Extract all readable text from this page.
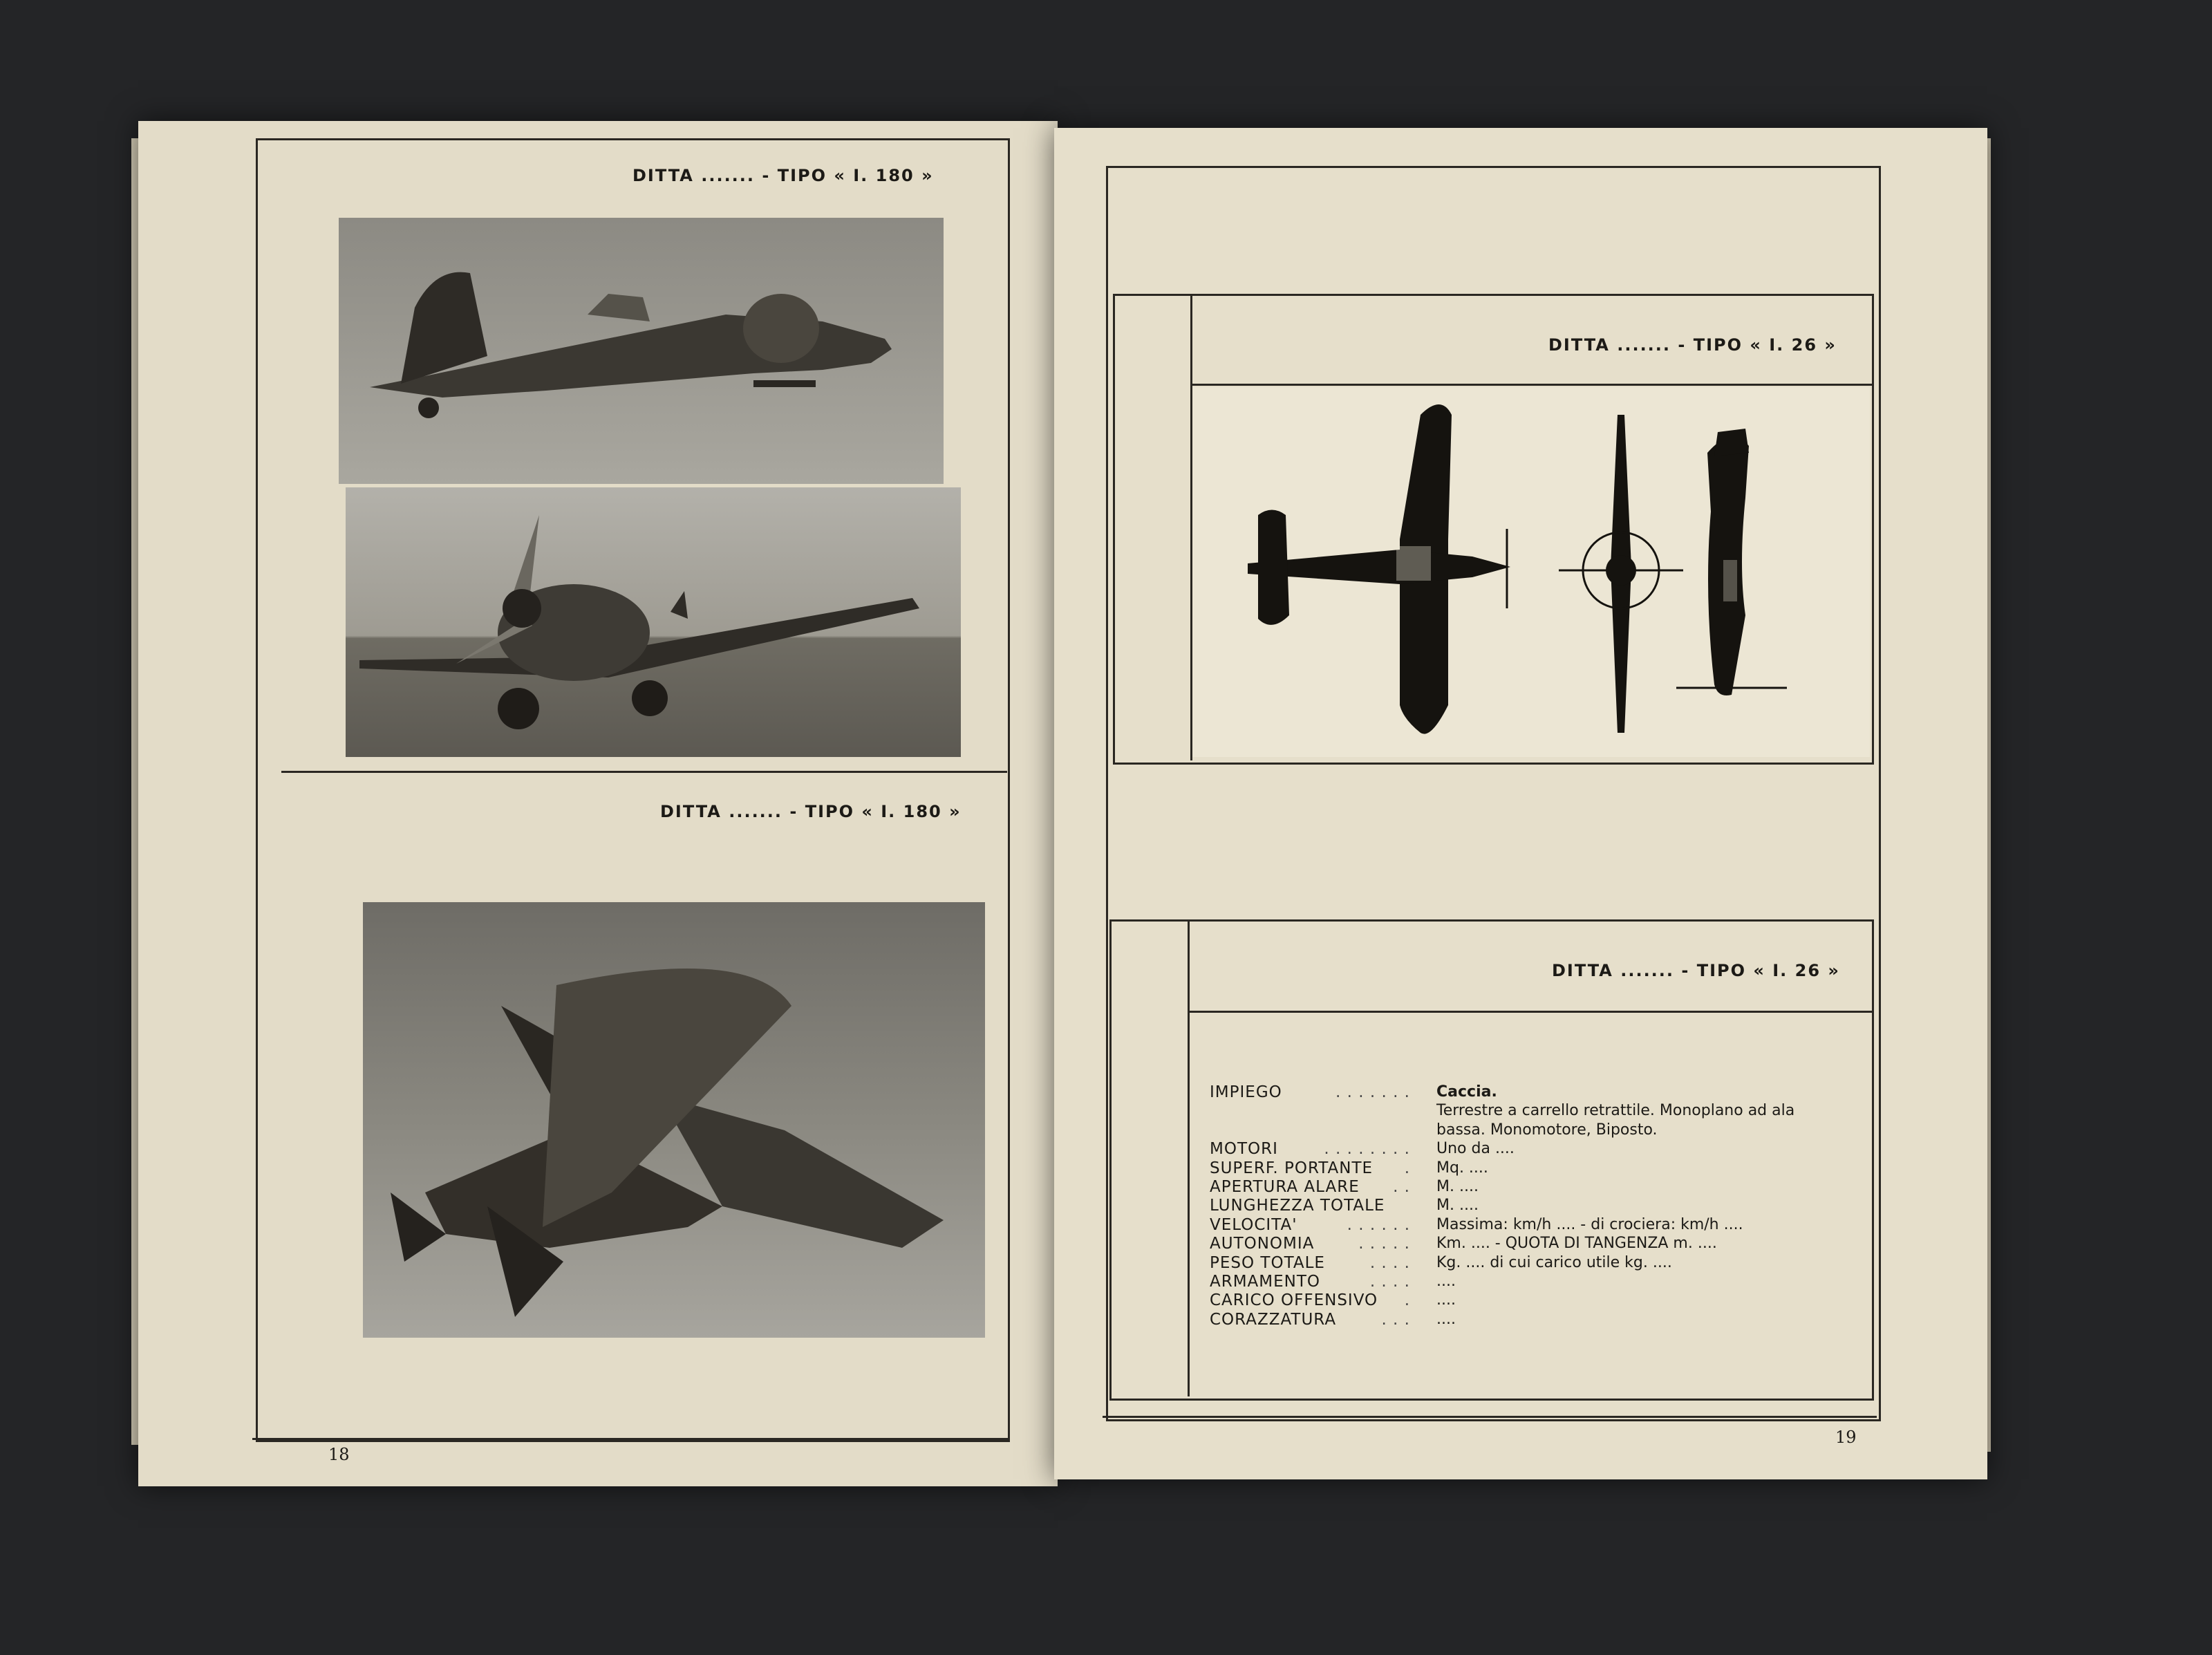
DITTA ....... - TIPO « I. 180 »
DITTA ....... - TIPO « I. 180 »
18
DITTA ....... - TIPO « I. 26 »
DITTA ....... - TIPO « I. 26 »
IMPIEGO	. . . . . . . Caccia.
Terrestre a carrello retrattile. Monoplano ad ala
bassa. Monomotore, Biposto.
MOTORI	. . . . . . . . Uno da ....
SUPERF. PORTANTE . Mq. ....
APERTURA ALARE . . M. ....
LUNGHEZZA TOTALE	M. ....
VELOCITA'	. . . . . . Massima: km/h .... - di crociera: km/h ....
AUTONOMIA	. . . . . Km. .... - QUOTA DI TANGENZA m. ....
PESO TOTALE	. . . . Kg. .... di cui carico utile kg. ....
ARMAMENTO	. . . . ....
CARICO OFFENSIVO . ....
CORAZZATURA	. . . ....
19
